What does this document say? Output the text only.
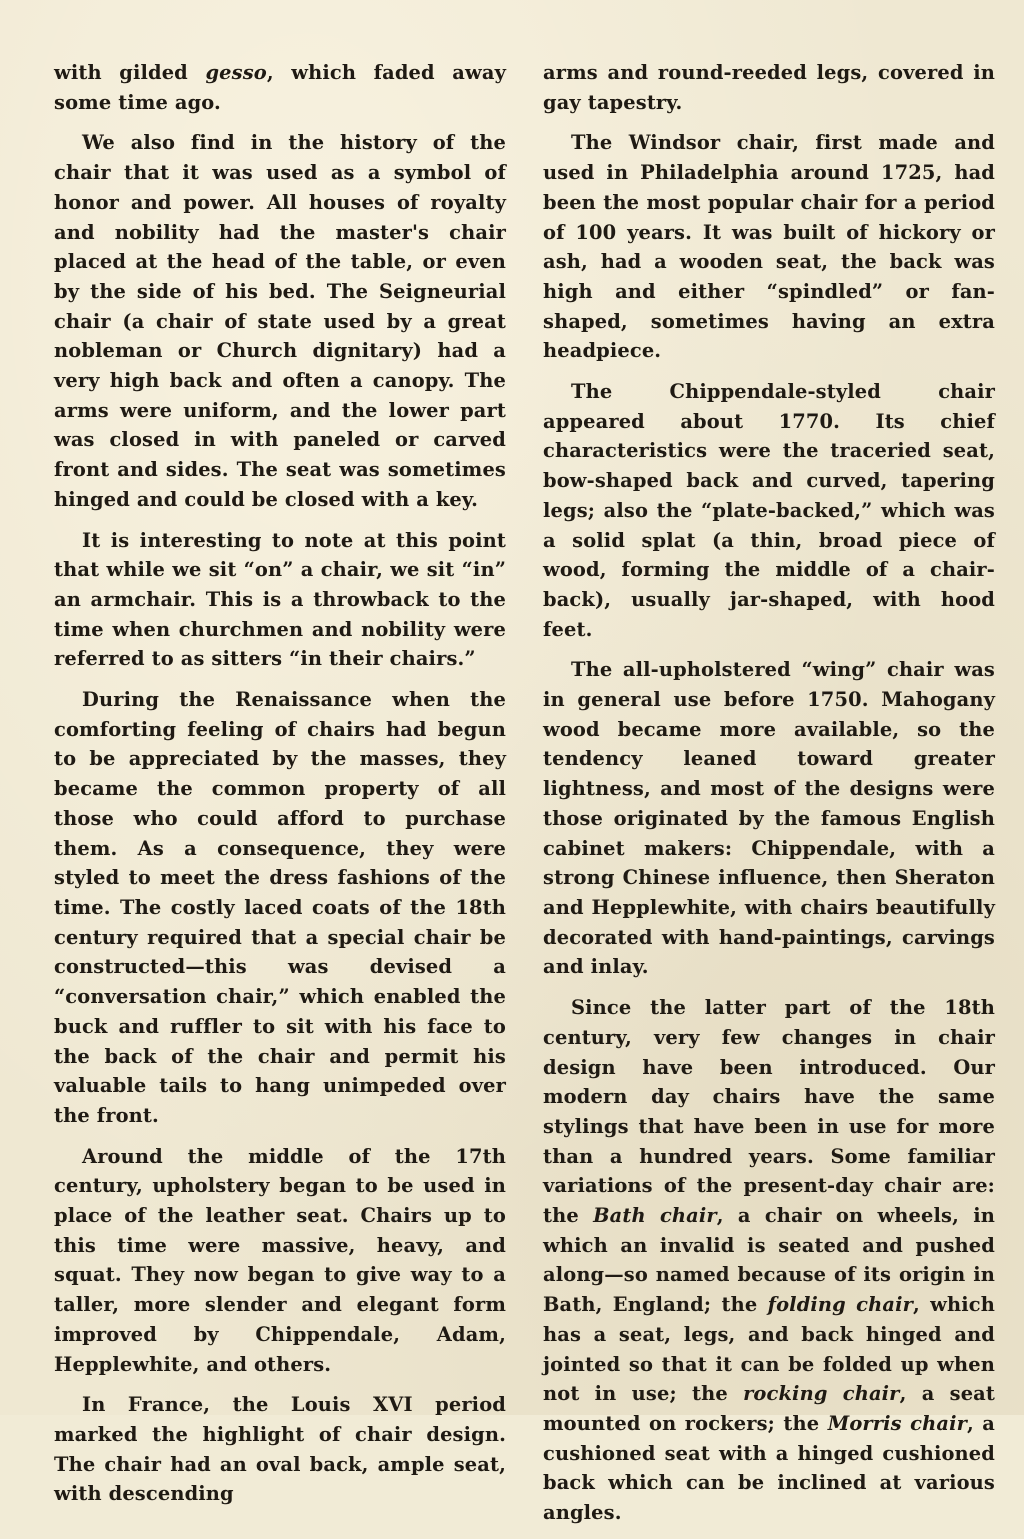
with gilded gesso, which faded away some time ago.

We also find in the history of the chair that it was used as a symbol of honor and power. All houses of royalty and nobility had the master's chair placed at the head of the table, or even by the side of his bed. The Seigneurial chair (a chair of state used by a great nobleman or Church dignitary) had a very high back and often a canopy. The arms were uniform, and the lower part was closed in with paneled or carved front and sides. The seat was sometimes hinged and could be closed with a key.

It is interesting to note at this point that while we sit “on” a chair, we sit “in” an armchair. This is a throwback to the time when churchmen and nobility were referred to as sitters “in their chairs.”

During the Renaissance when the comforting feeling of chairs had begun to be appreciated by the masses, they became the common property of all those who could afford to purchase them. As a consequence, they were styled to meet the dress fashions of the time. The costly laced coats of the 18th century required that a special chair be constructed—this was devised a “conversation chair,” which enabled the buck and ruffler to sit with his face to the back of the chair and permit his valuable tails to hang unimpeded over the front.

Around the middle of the 17th century, upholstery began to be used in place of the leather seat. Chairs up to this time were massive, heavy, and squat. They now began to give way to a taller, more slender and elegant form improved by Chippendale, Adam, Hepplewhite, and others.

In France, the Louis XVI period marked the highlight of chair design. The chair had an oval back, ample seat, with descending

arms and round-reeded legs, covered in gay tapestry.

The Windsor chair, first made and used in Philadelphia around 1725, had been the most popular chair for a period of 100 years. It was built of hickory or ash, had a wooden seat, the back was high and either “spindled” or fan-shaped, sometimes having an extra headpiece.

The Chippendale-styled chair appeared about 1770. Its chief characteristics were the traceried seat, bow-shaped back and curved, tapering legs; also the “plate-backed,” which was a solid splat (a thin, broad piece of wood, forming the middle of a chair-back), usually jar-shaped, with hood feet.

The all-upholstered “wing” chair was in general use before 1750. Mahogany wood became more available, so the tendency leaned toward greater lightness, and most of the designs were those originated by the famous English cabinet makers: Chippendale, with a strong Chinese influence, then Sheraton and Hepplewhite, with chairs beautifully decorated with hand-paintings, carvings and inlay.

Since the latter part of the 18th century, very few changes in chair design have been introduced. Our modern day chairs have the same stylings that have been in use for more than a hundred years. Some familiar variations of the present-day chair are: the Bath chair, a chair on wheels, in which an invalid is seated and pushed along—so named because of its origin in Bath, England; the folding chair, which has a seat, legs, and back hinged and jointed so that it can be folded up when not in use; the rocking chair, a seat mounted on rockers; the Morris chair, a cushioned seat with a hinged cushioned back which can be inclined at various angles.
